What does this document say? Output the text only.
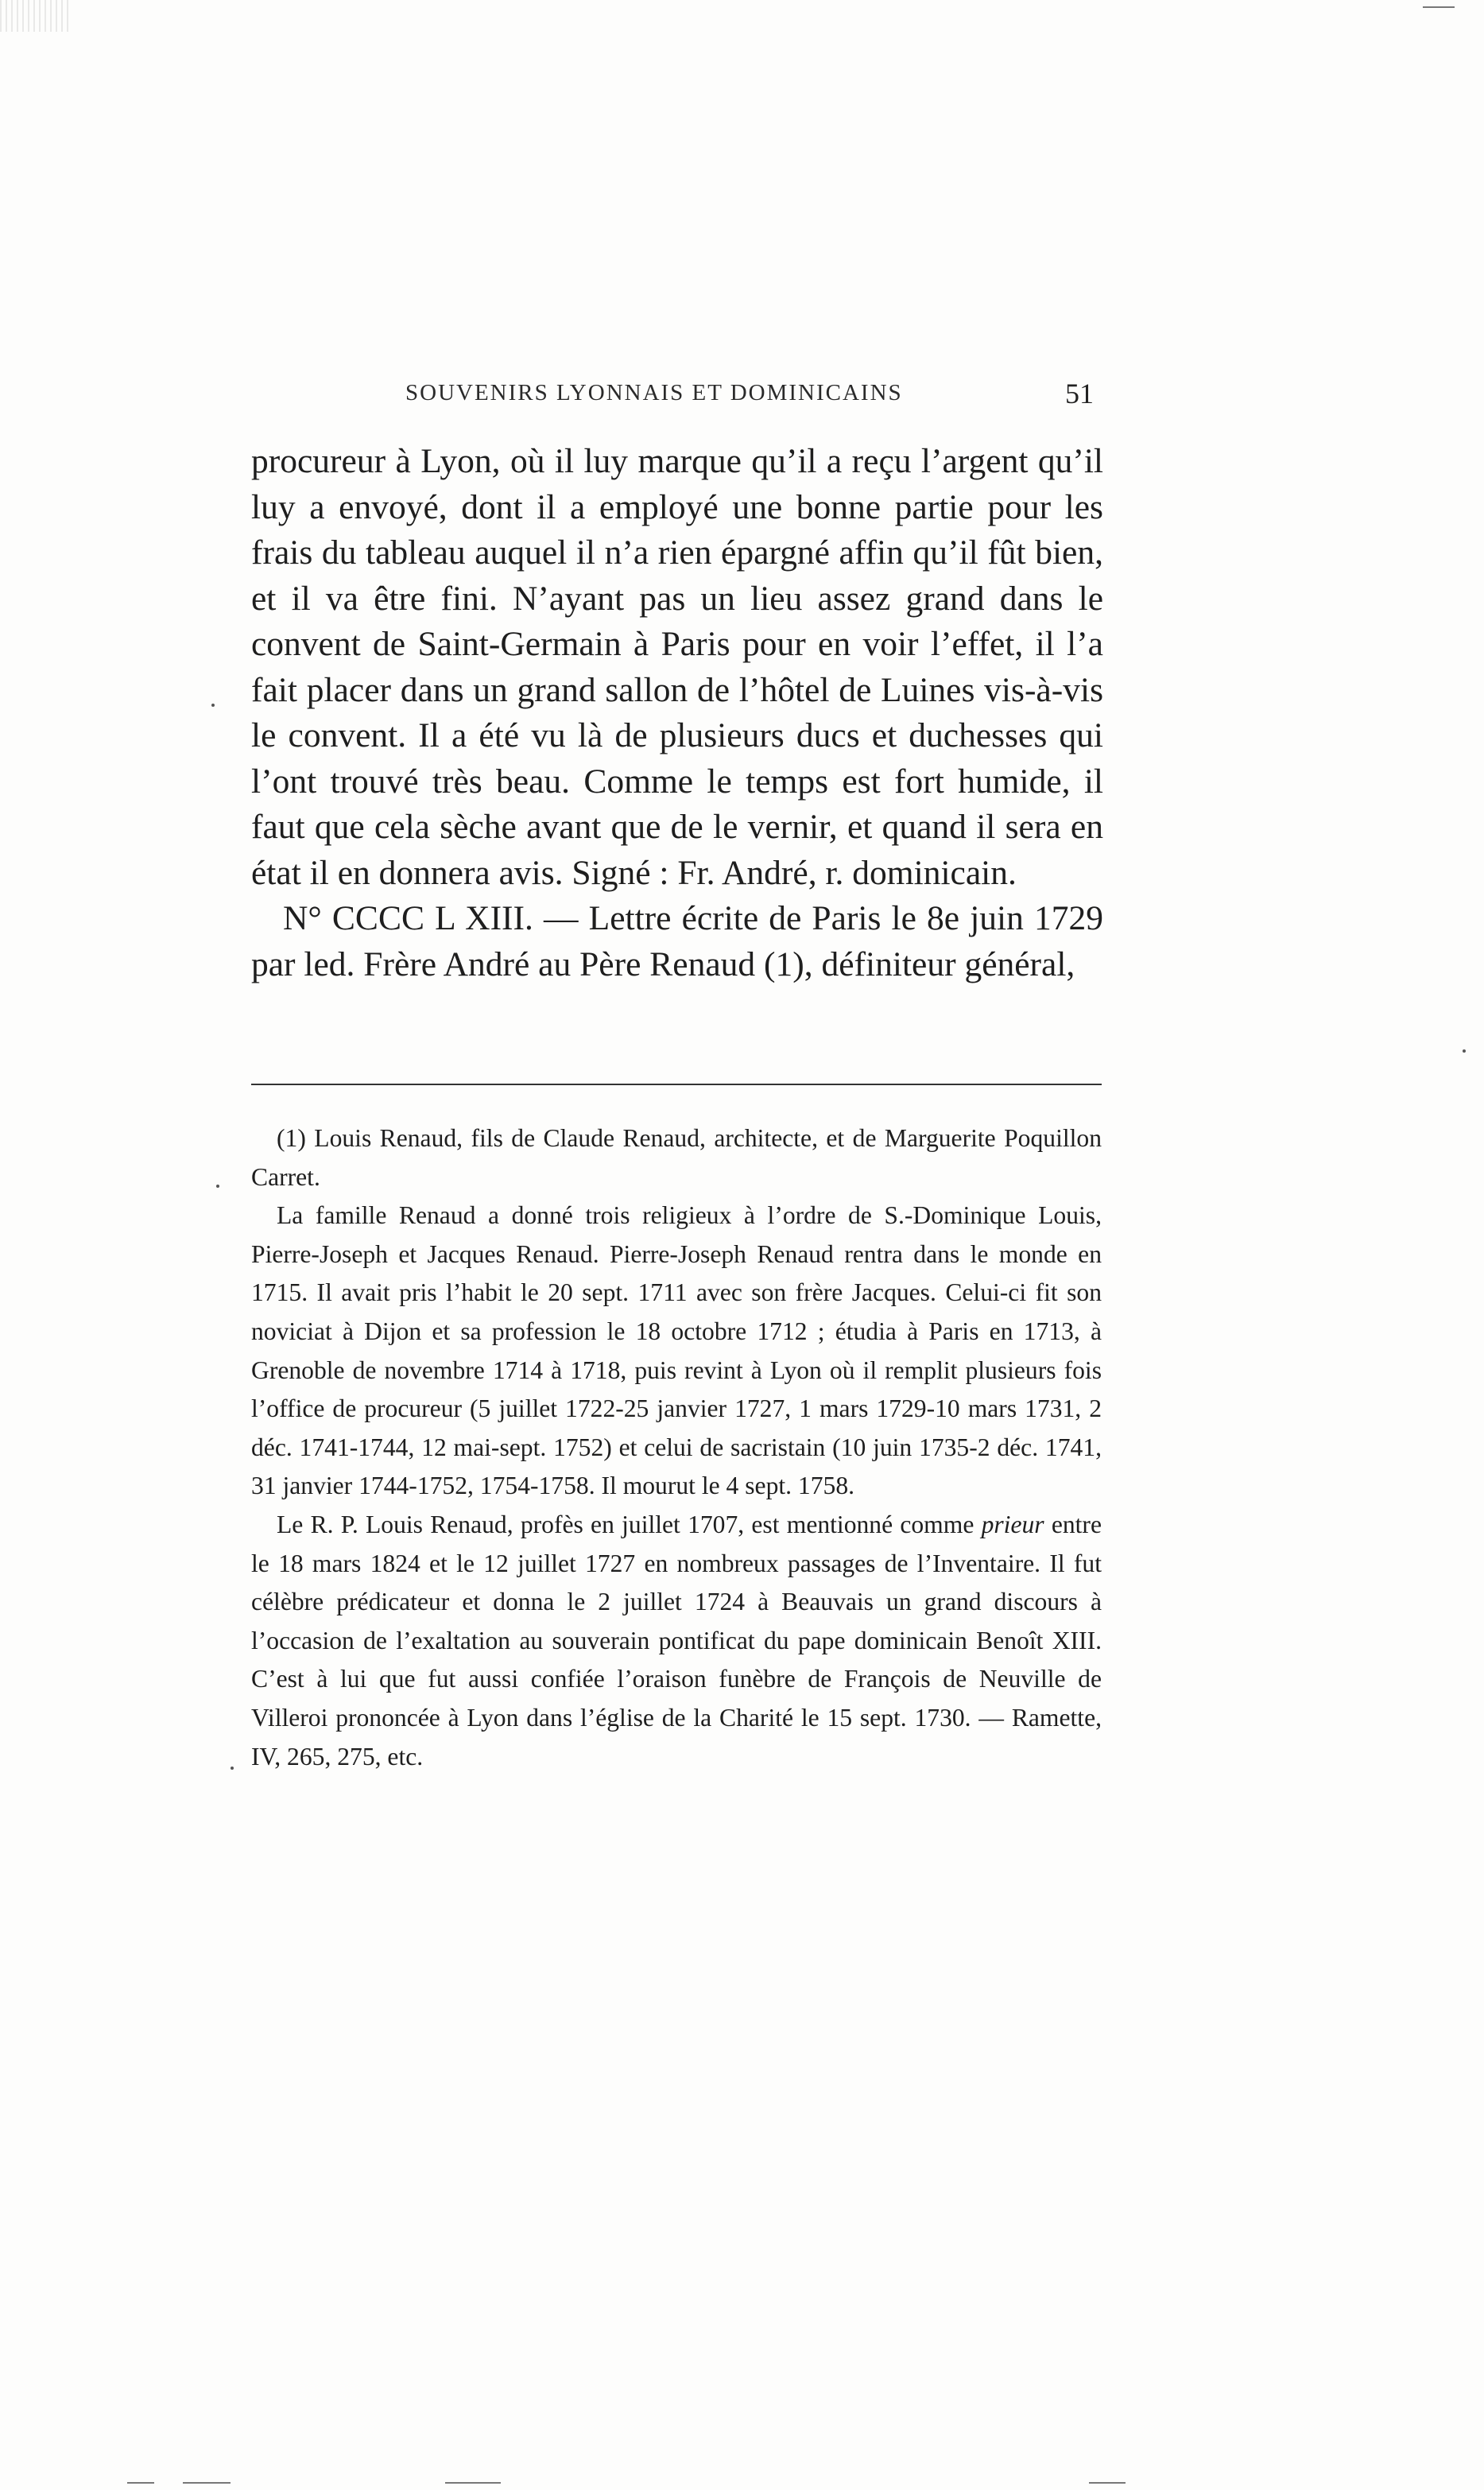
SOUVENIRS LYONNAIS ET DOMINICAINS	51

procureur à Lyon, où il luy marque qu’il a reçu l’argent qu’il luy a envoyé, dont il a employé une bonne partie pour les frais du tableau auquel il n’a rien épargné affin qu’il fût bien, et il va être fini. N’ayant pas un lieu assez grand dans le convent de Saint-Germain à Paris pour en voir l’effet, il l’a fait placer dans un grand sallon de l’hôtel de Luines vis-à-vis le convent. Il a été vu là de plusieurs ducs et duchesses qui l’ont trouvé très beau. Comme le temps est fort humide, il faut que cela sèche avant que de le vernir, et quand il sera en état il en donnera avis. Signé : Fr. André, r. dominicain.

N° CCCC L XIII. — Lettre écrite de Paris le 8e juin 1729 par led. Frère André au Père Renaud (1), définiteur général,

(1) Louis Renaud, fils de Claude Renaud, architecte, et de Marguerite Poquillon Carret.

La famille Renaud a donné trois religieux à l’ordre de S.-Dominique Louis, Pierre-Joseph et Jacques Renaud. Pierre-Joseph Renaud rentra dans le monde en 1715. Il avait pris l’habit le 20 sept. 1711 avec son frère Jacques. Celui-ci fit son noviciat à Dijon et sa profession le 18 octobre 1712 ; étudia à Paris en 1713, à Grenoble de novembre 1714 à 1718, puis revint à Lyon où il remplit plusieurs fois l’office de procureur (5 juillet 1722-25 janvier 1727, 1 mars 1729-10 mars 1731, 2 déc. 1741-1744, 12 mai-sept. 1752) et celui de sacristain (10 juin 1735-2 déc. 1741, 31 janvier 1744-1752, 1754-1758. Il mourut le 4 sept. 1758.

Le R. P. Louis Renaud, profès en juillet 1707, est mentionné comme prieur entre le 18 mars 1824 et le 12 juillet 1727 en nombreux passages de l’Inventaire. Il fut célèbre prédicateur et donna le 2 juillet 1724 à Beauvais un grand discours à l’occasion de l’exaltation au souverain pontificat du pape dominicain Benoît XIII. C’est à lui que fut aussi confiée l’oraison funèbre de François de Neuville de Villeroi prononcée à Lyon dans l’église de la Charité le 15 sept. 1730. — Ramette, IV, 265, 275, etc.
